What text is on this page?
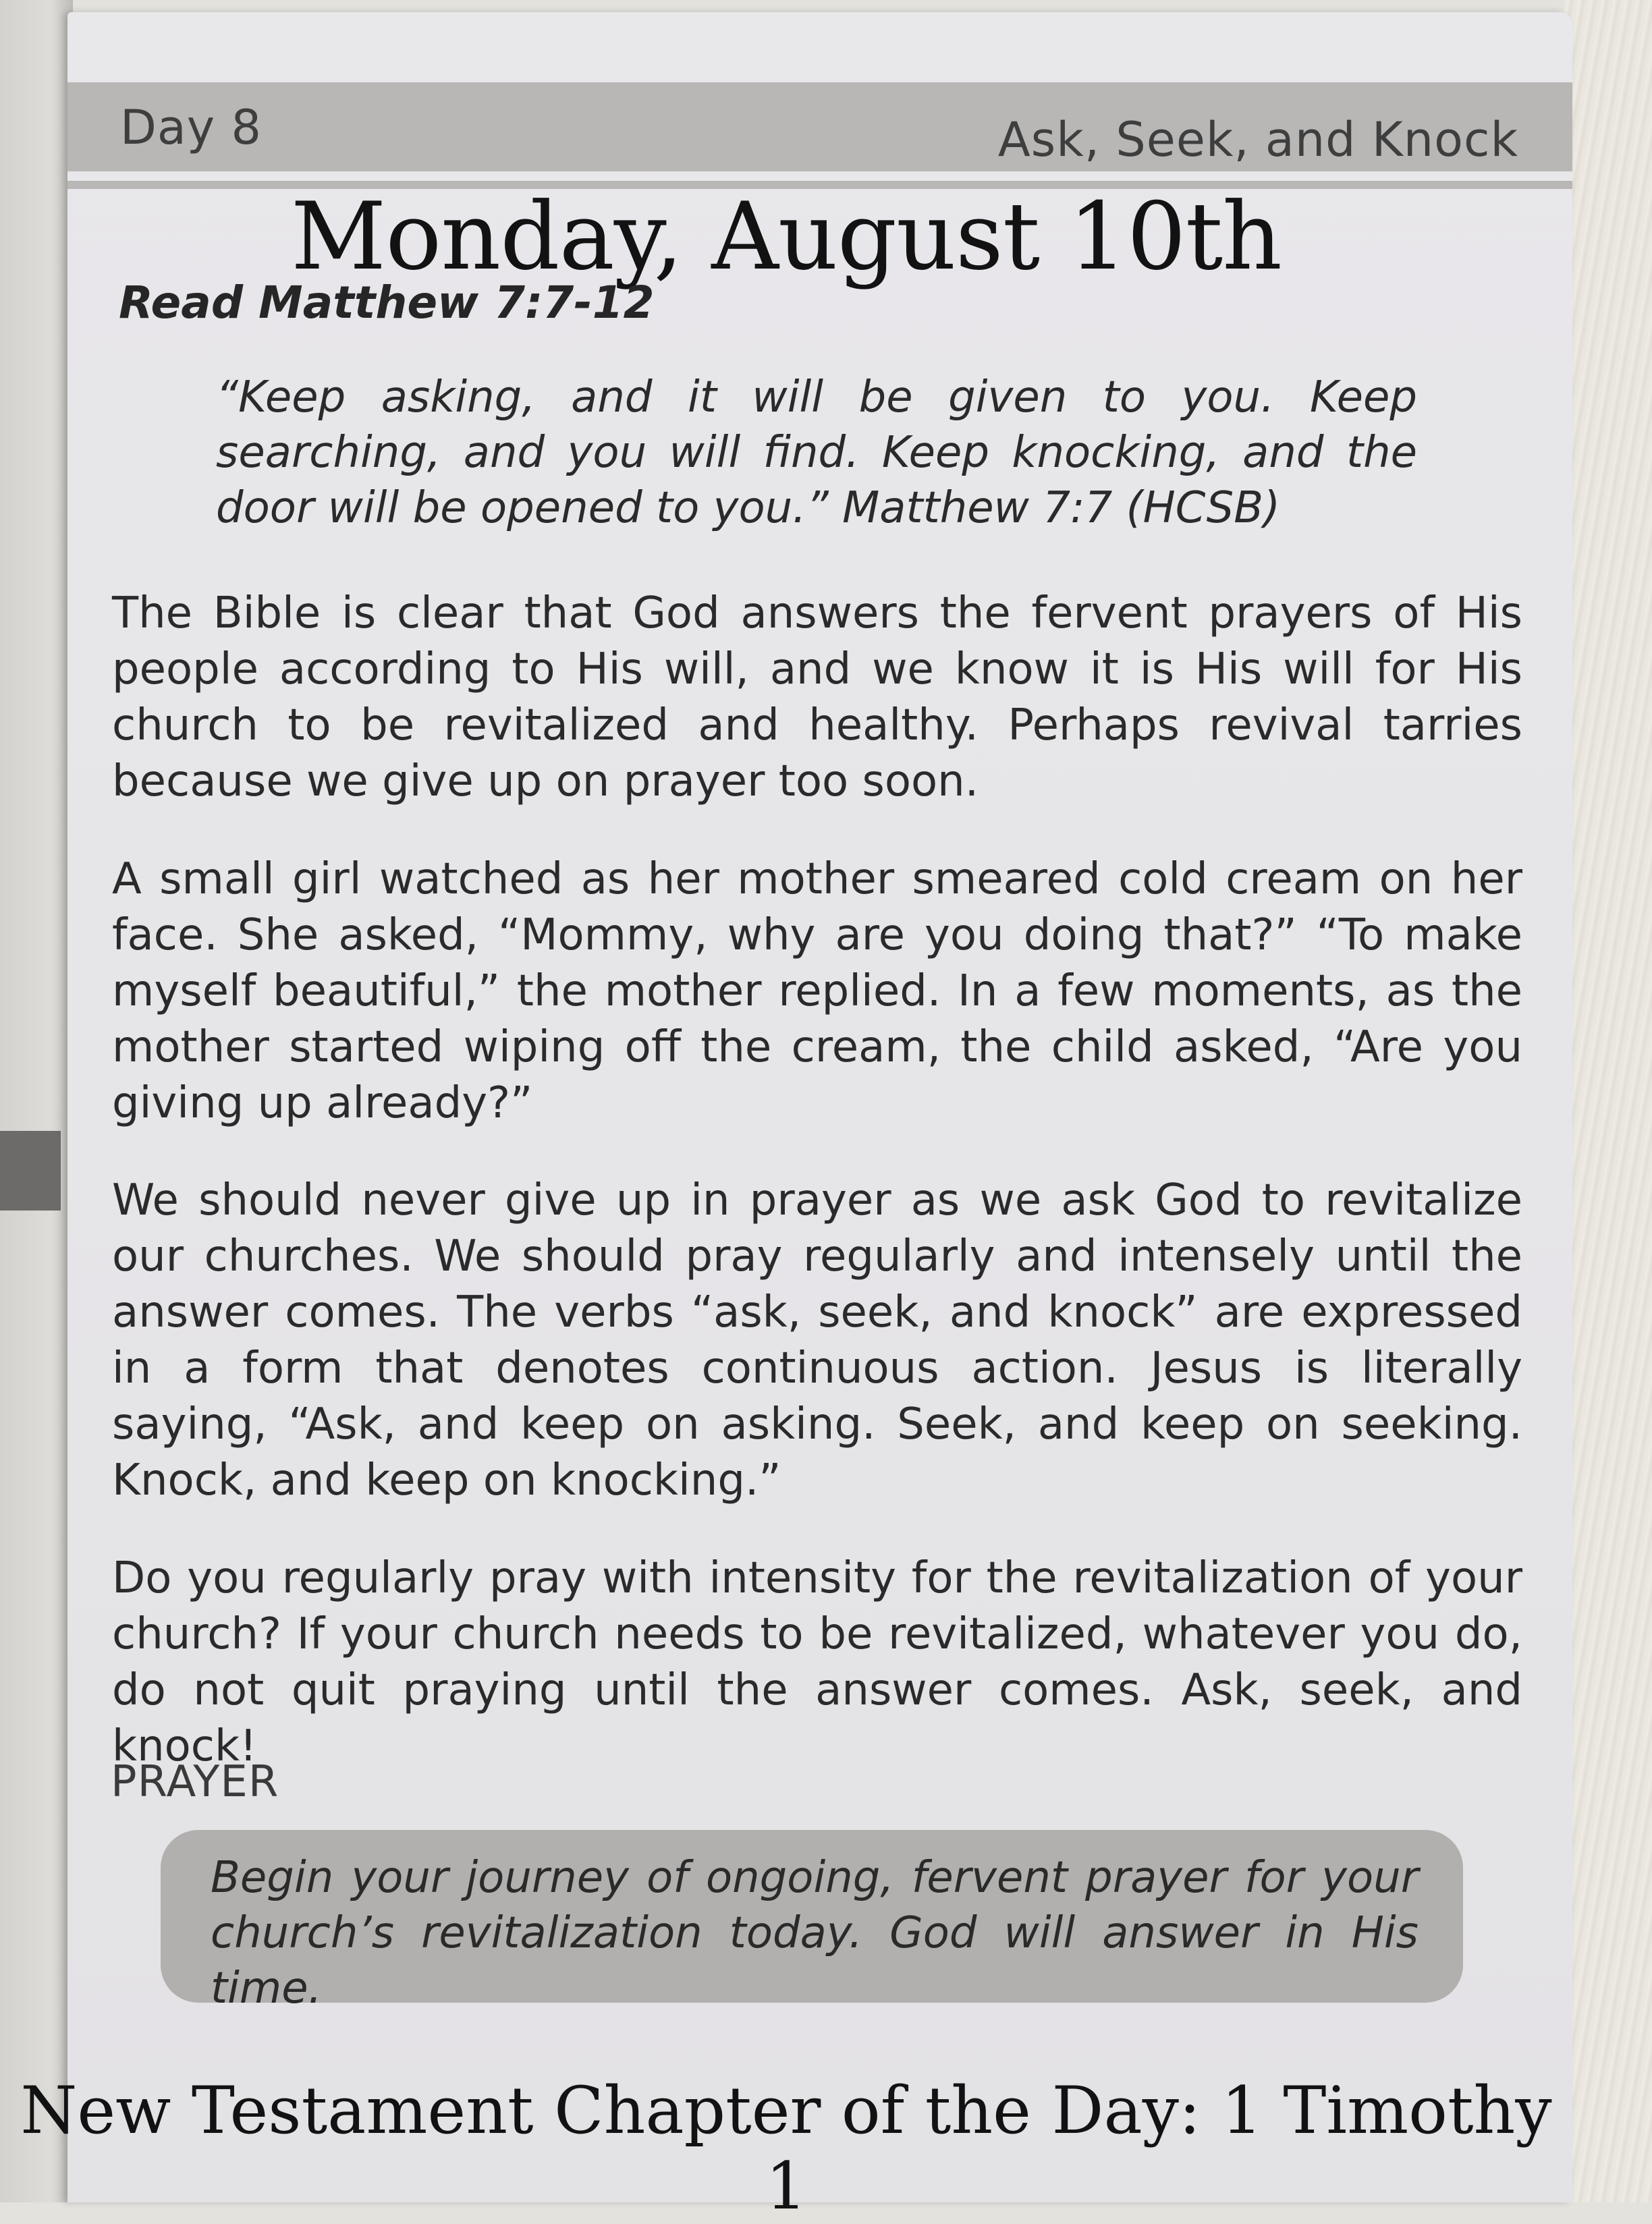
Day 8	Ask, Seek, and Knock
Monday, August 10th
Read Matthew 7:7-12
“Keep asking, and it will be given to you. Keep searching, and you will find. Keep knocking, and the door will be opened to you.” Matthew 7:7 (HCSB)
The Bible is clear that God answers the fervent prayers of His people according to His will, and we know it is His will for His church to be revitalized and healthy. Perhaps revival tarries because we give up on prayer too soon.
A small girl watched as her mother smeared cold cream on her face. She asked, “Mommy, why are you doing that?” “To make myself beautiful,” the mother replied. In a few moments, as the mother started wiping off the cream, the child asked, “Are you giving up already?”
We should never give up in prayer as we ask God to revitalize our churches. We should pray regularly and intensely until the answer comes. The verbs “ask, seek, and knock” are expressed in a form that denotes continuous action. Jesus is literally saying, “Ask, and keep on asking. Seek, and keep on seeking. Knock, and keep on knocking.”
Do you regularly pray with intensity for the revitalization of your church? If your church needs to be revitalized, whatever you do, do not quit praying until the answer comes. Ask, seek, and knock!
PRAYER
Begin your journey of ongoing, fervent prayer for your church’s revitalization today. God will answer in His time.
New Testament Chapter of the Day: 1 Timothy 1
